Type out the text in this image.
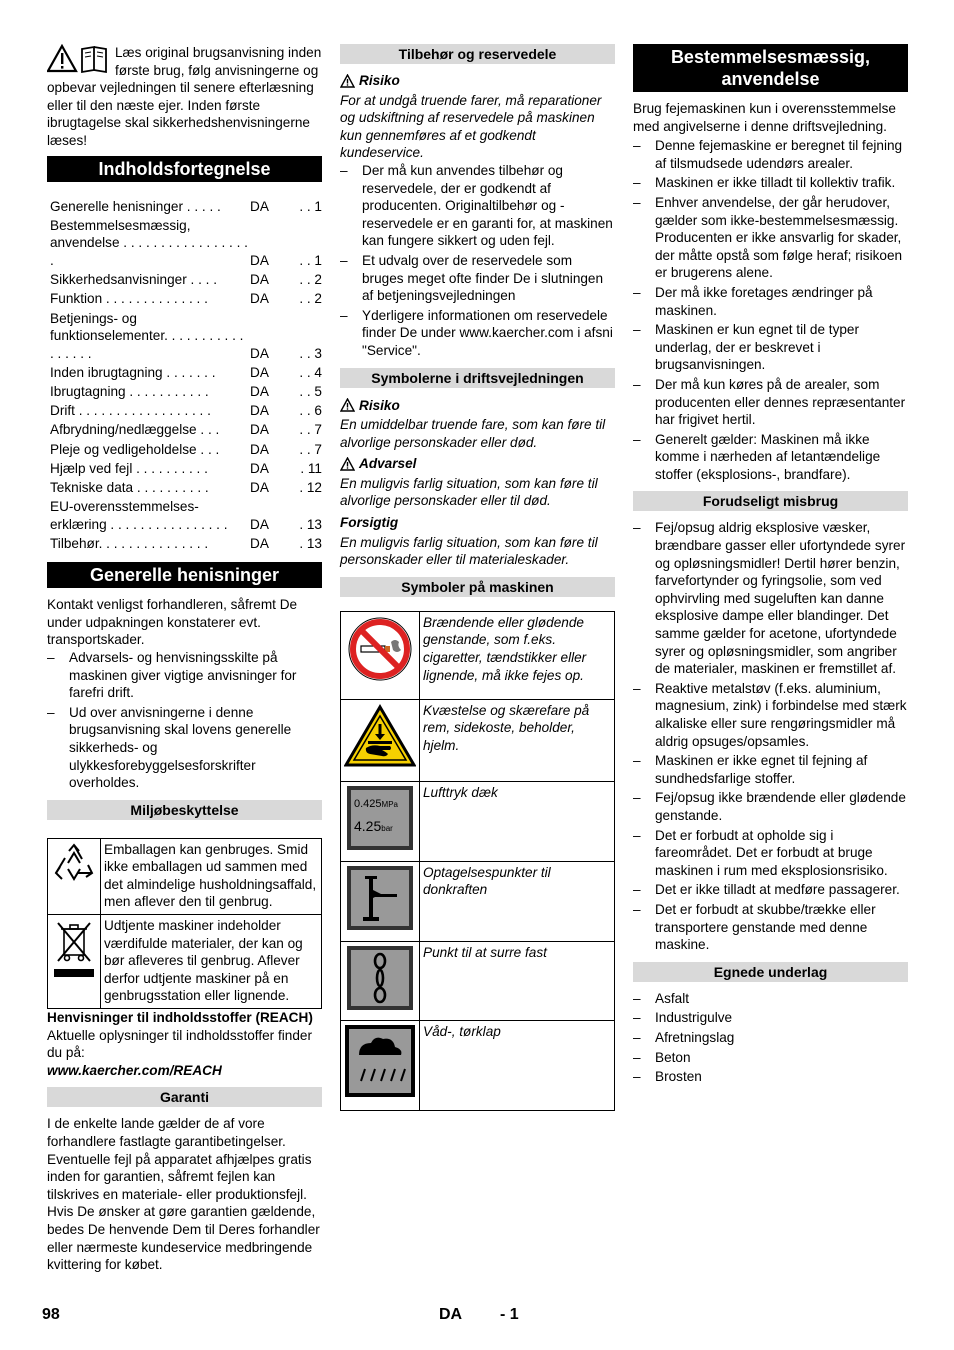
Læs original brugsanvisning inden første brug, følg anvisningerne og opbevar vejledningen til senere efterlæsning eller til den næste ejer. Inden første ibrugtagelse skal sikkerhedshenvisningerne læses!

Indholdsfortegnelse
Generelle henisninger . . . . .	DA	. . 1
Bestemmelsesmæssig, anvendelse . . . . . . . . . . . . . . . . . .	DA	. . 1
Sikkerhedsanvisninger . . . .	DA	. . 2
Funktion . . . . . . . . . . . . . .	DA	. . 2
Betjenings- og funktionselementer. . . . . . . . . . . . . . . . .	DA	. . 3
Inden ibrugtagning . . . . . . .	DA	. . 4
Ibrugtagning . . . . . . . . . . .	DA	. . 5
Drift . . . . . . . . . . . . . . . . . .	DA	. . 6
Afbrydning/nedlæggelse . . .	DA	. . 7
Pleje og vedligeholdelse . . .	DA	. . 7
Hjælp ved fejl . . . . . . . . . .	DA	. 11
Tekniske data . . . . . . . . . .	DA	. 12
EU-overensstemmelses- erklæring . . . . . . . . . . . . . . . .	DA	. 13
Tilbehør. . . . . . . . . . . . . . .	DA	. 13
Generelle henisninger

Kontakt venligst forhandleren, såfremt De under udpakningen konstaterer evt. transportskader.

– Advarsels- og henvisningsskilte på maskinen giver vigtige anvisninger for farefri drift.
– Ud over anvisningerne i denne brugsanvisning skal lovens generelle sikkerheds- og ulykkesforebyggelsesforskrifter overholdes.
Miljøbeskyttelse
	Emballagen kan genbruges. Smid ikke emballagen ud sammen med det almindelige husholdningsaffald, men aflever den til genbrug.
	Udtjente maskiner indeholder værdifulde materialer, der kan og bør afleveres til genbrug. Aflever derfor udtjente maskiner på en genbrugsstation eller lignende.

Henvisninger til indholdsstoffer (REACH)

Aktuelle oplysninger til indholdsstoffer finder du på:

www.kaercher.com/REACH

Garanti

I de enkelte lande gælder de af vore forhandlere fastlagte garantibetingelser. Eventuelle fejl på apparatet afhjælpes gratis inden for garantien, såfremt fejlen kan tilskrives en materiale- eller produktionsfejl. Hvis De ønsker at gøre garantien gældende, bedes De henvende Dem til Deres forhandler eller nærmeste kundeservice medbringende kvittering for købet.

Tilbehør og reservedele
Risiko

For at undgå truende farer, må reparationer og udskiftning af reservedele på maskinen kun gennemføres af et godkendt kundeservice.

– Der må kun anvendes tilbehør og reservedele, der er godkendt af producenten. Originaltilbehør og -reservedele er en garanti for, at maskinen kan fungere sikkert og uden fejl.
– Et udvalg over de reservedele som bruges meget ofte finder De i slutningen af betjeningsvejledningen
– Yderligere informationen om reservedele finder De under www.kaercher.com i afsni "Service".
Symbolerne i driftsvejledningen
Risiko

En umiddelbar truende fare, som kan føre til alvorlige personskader eller død.

Advarsel

En muligvis farlig situation, som kan føre til alvorlige personskader eller til død.

Forsigtig

En muligvis farlig situation, som kan føre til personskader eller til materialeskader.

Symboler på maskinen
	Brændende eller glødende genstande, som f.eks. cigaretter, tændstikker eller lignende, må ikke fejes op.
	Kvæstelse og skærefare på rem, sidekoste, beholder, hjelm.

0.425MPa
4.25bar	Lufttryk dæk
	Optagelsespunkter til donkraften
	Punkt til at surre fast
	Våd-, tørklap
Bestemmelsesmæssig, anvendelse

Brug fejemaskinen kun i overensstemmelse med angivelserne i denne driftsvejledning.

– Denne fejemaskine er beregnet til fejning af tilsmudsede udendørs arealer.
– Maskinen er ikke tilladt til kollektiv trafik.
– Enhver anvendelse, der går herudover, gælder som ikke-bestemmelsesmæssig. Producenten er ikke ansvarlig for skader, der måtte opstå som følge heraf; risikoen er brugerens alene.
– Der må ikke foretages ændringer på maskinen.
– Maskinen er kun egnet til de typer underlag, der er beskrevet i brugsanvisningen.
– Der må kun køres på de arealer, som producenten eller dennes repræsentanter har frigivet hertil.
– Generelt gælder: Maskinen må ikke komme i nærheden af letantændelige stoffer (eksplosions-, brandfare).
Forudseligt misbrug
– Fej/opsug aldrig eksplosive væsker, brændbare gasser eller ufortyndede syrer og opløsningsmidler! Dertil hører benzin, farvefortynder og fyringsolie, som ved ophvirvling med sugeluften kan danne eksplosive dampe eller blandinger. Det samme gælder for acetone, ufortyndede syrer og opløsningsmidler, som angriber de materialer, maskinen er fremstillet af.
– Reaktive metalstøv (f.eks. aluminium, magnesium, zink) i forbindelse med stærk alkaliske eller sure rengøringsmidler må aldrig opsuges/opsamles.
– Maskinen er ikke egnet til fejning af sundhedsfarlige stoffer.
– Fej/opsug ikke brændende eller glødende genstande.
– Det er forbudt at opholde sig i fareområdet. Det er forbudt at bruge maskinen i rum med eksplosionsrisiko.
– Det er ikke tilladt at medføre passagerer.
– Det er forbudt at skubbe/trække eller transportere genstande med denne maskine.
Egnede underlag
– Asfalt
– Industrigulve
– Afretningslag
– Beton
– Brosten
98	DA - 1
